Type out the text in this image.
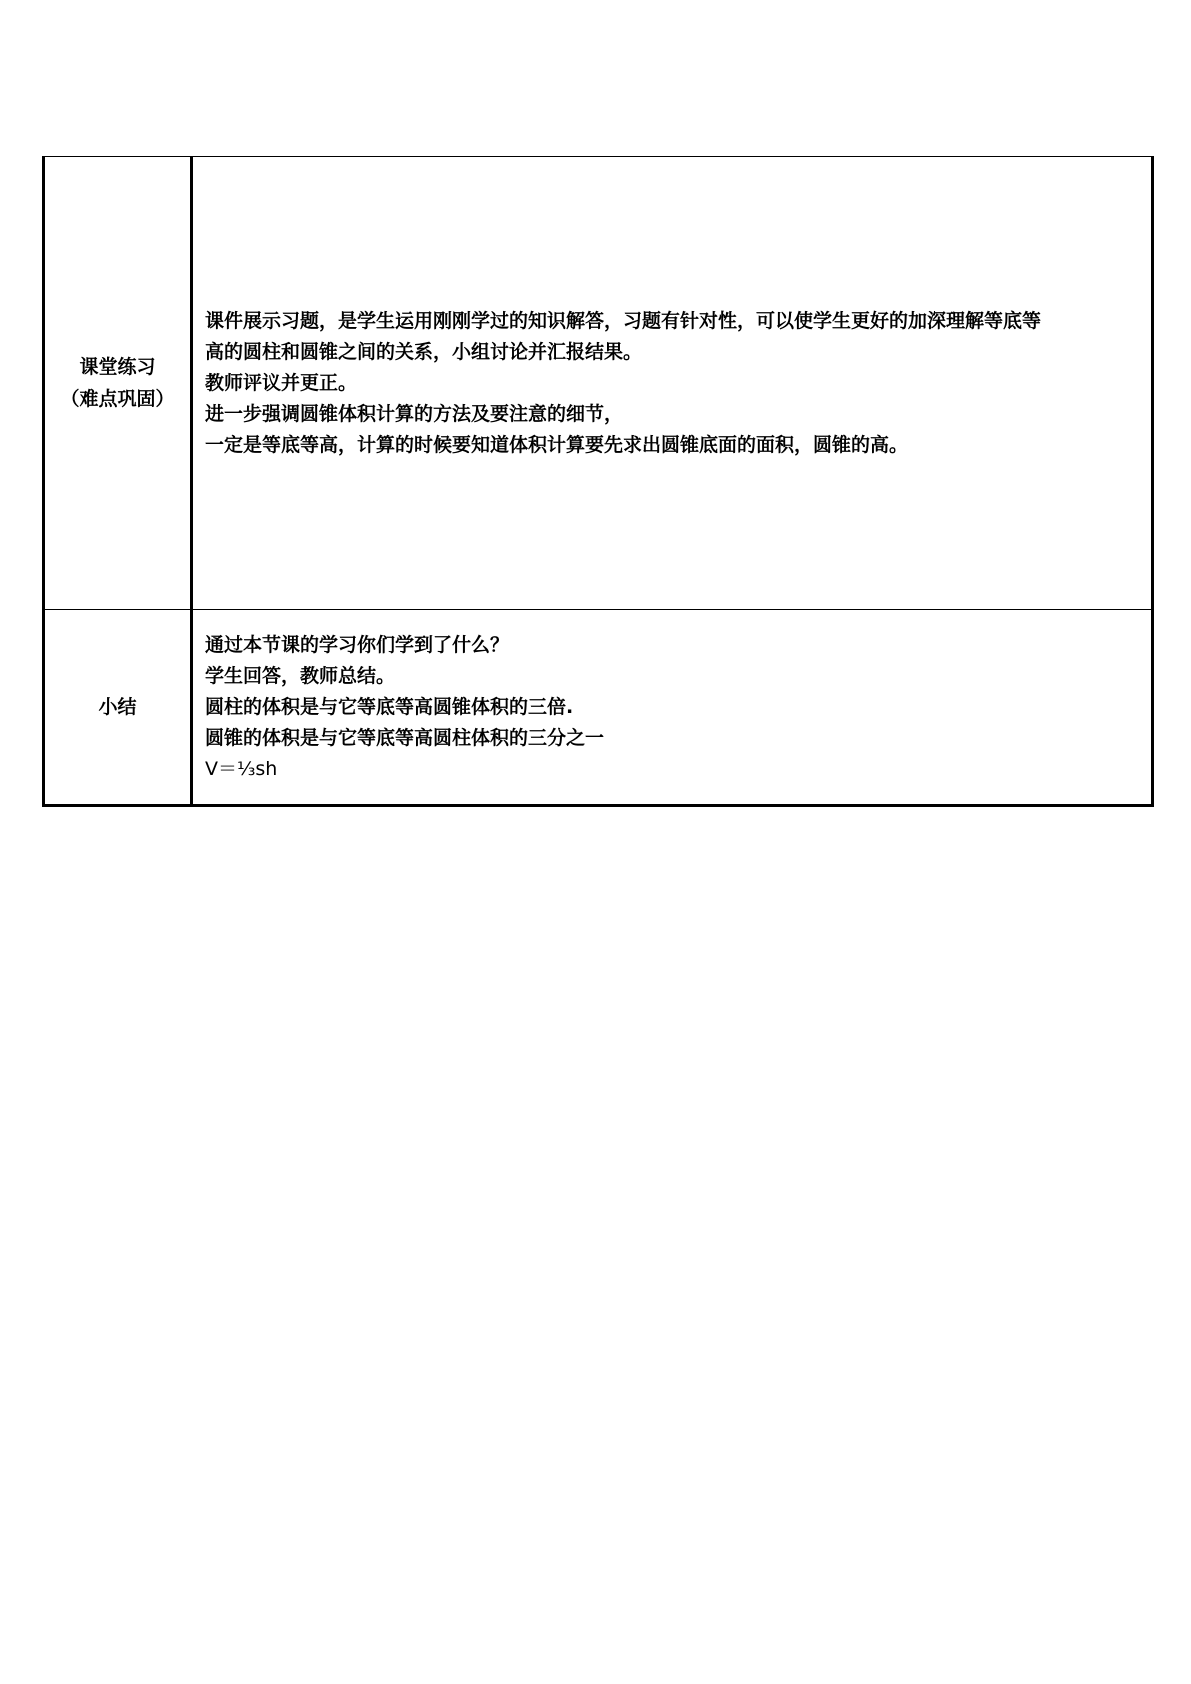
课堂练习
（难点巩固）	课件展示习题，是学生运用刚刚学过的知识解答，习题有针对性，可以使学生更好的加深理解等底等
高的圆柱和圆锥之间的关系，小组讨论并汇报结果。
教师评议并更正。
进一步强调圆锥体积计算的方法及要注意的细节，
一定是等底等高，计算的时候要知道体积计算要先求出圆锥底面的面积，圆锥的高。

小结	通过本节课的学习你们学到了什么？
学生回答，教师总结。
圆柱的体积是与它等底等高圆锥体积的三倍.
圆锥的体积是与它等底等高圆柱体积的三分之一
V＝⅓sh
